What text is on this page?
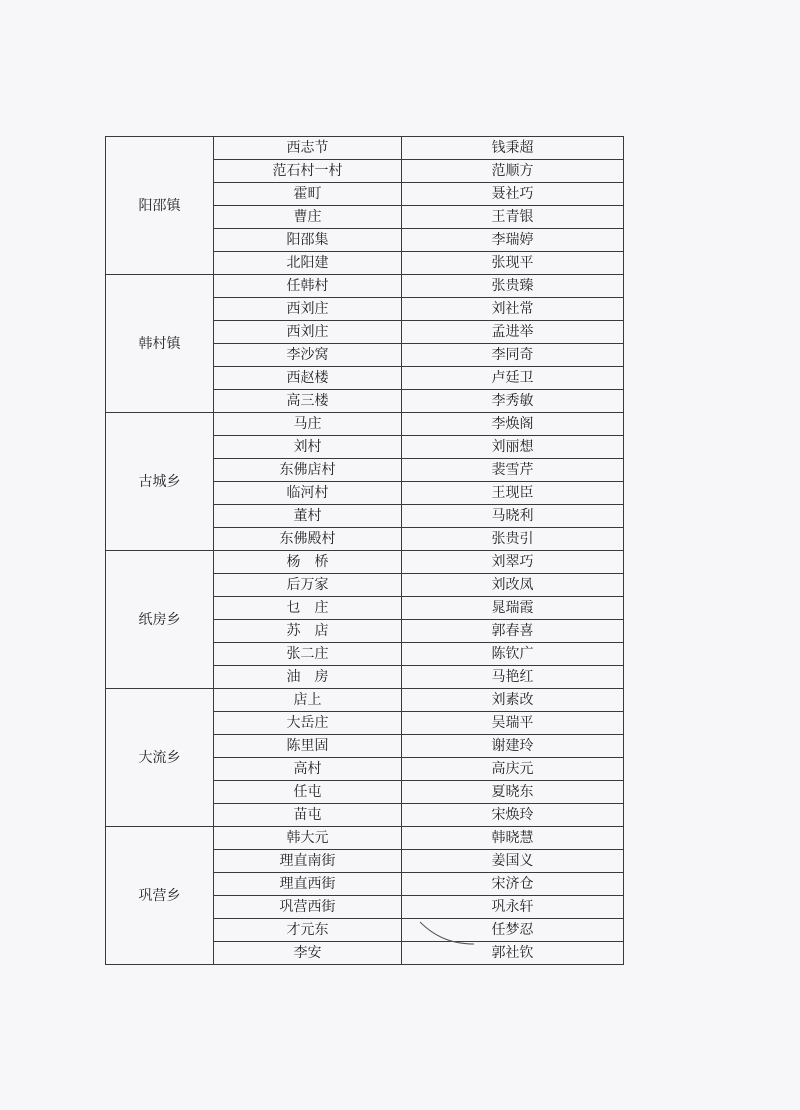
阳邵镇	西志节	钱秉超
	范石村一村	范顺方
	霍町	聂社巧
	曹庄	王青银
	阳邵集	李瑞婷
	北阳建	张现平
韩村镇	任韩村	张贵臻
	西刘庄	刘社常
	西刘庄	孟进举
	李沙窝	李同奇
	西赵楼	卢廷卫
	高三楼	李秀敏
古城乡	马庄	李焕阁
	刘村	刘丽想
	东佛店村	裴雪芹
	临河村	王现臣
	董村	马晓利
	东佛殿村	张贵引
纸房乡	杨　桥	刘翠巧
	后万家	刘改凤
	乜　庄	晁瑞霞
	苏　店	郭春喜
	张二庄	陈钦广
	油　房	马艳红
大流乡	店上	刘素改
	大岳庄	吴瑞平
	陈里固	谢建玲
	高村	高庆元
	任屯	夏晓东
	苗屯	宋焕玲
巩营乡	韩大元	韩晓慧
	理直南街	姜国义
	理直西街	宋济仓
	巩营西街	巩永轩
	才元东	任梦忍
	李安	郭社钦
